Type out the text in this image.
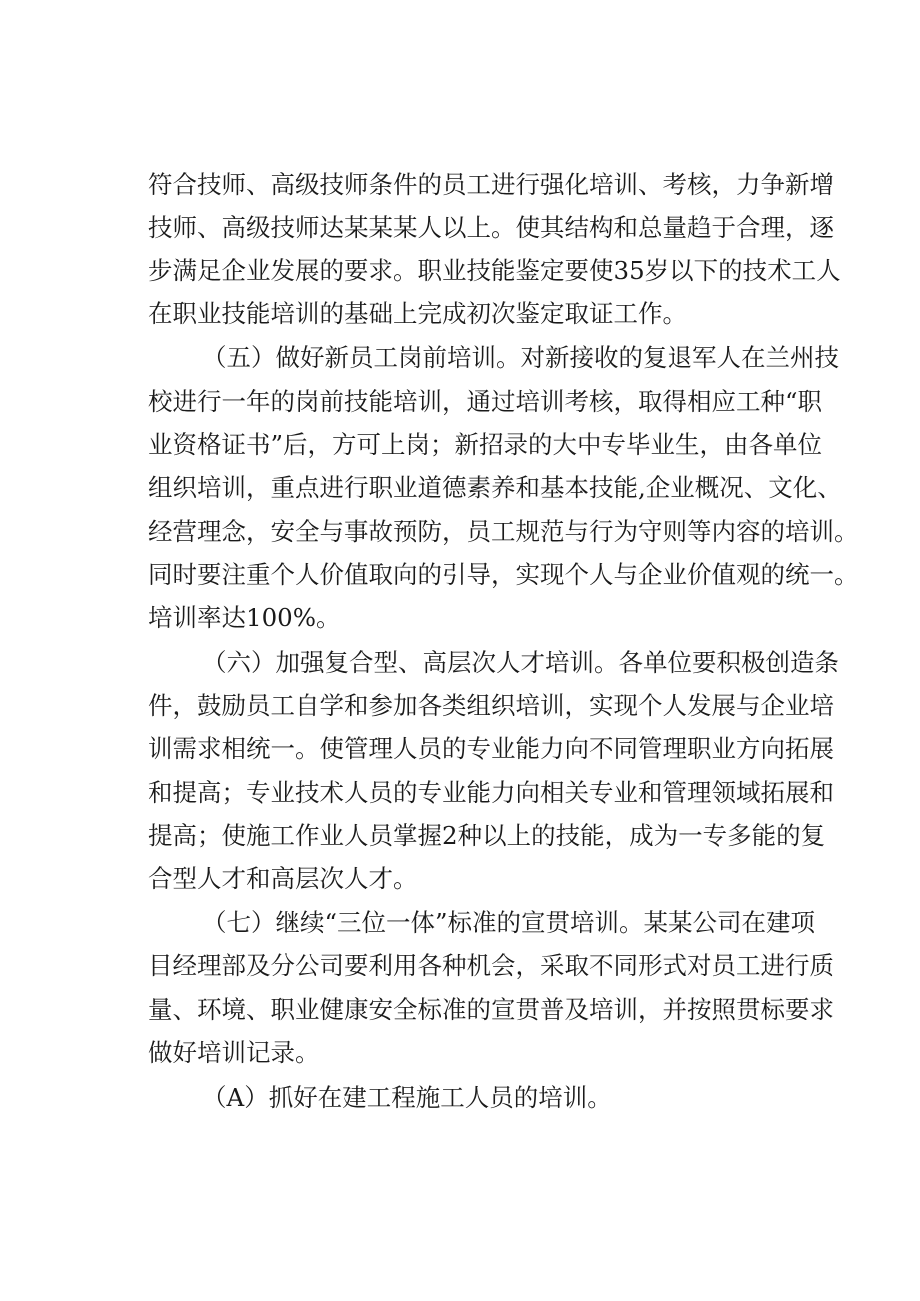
符合技师、高级技师条件的员工进行强化培训、考核，力争新增
技师、高级技师达某某某人以上。使其结构和总量趋于合理，逐
步满足企业发展的要求。职业技能鉴定要使35岁以下的技术工人
在职业技能培训的基础上完成初次鉴定取证工作。
（五）做好新员工岗前培训。对新接收的复退军人在兰州技
校进行一年的岗前技能培训，通过培训考核，取得相应工种“职
业资格证书”后，方可上岗；新招录的大中专毕业生，由各单位
组织培训，重点进行职业道德素养和基本技能,企业概况、文化、
经营理念，安全与事故预防，员工规范与行为守则等内容的培训。
同时要注重个人价值取向的引导，实现个人与企业价值观的统一。
培训率达100%。
（六）加强复合型、高层次人才培训。各单位要积极创造条
件，鼓励员工自学和参加各类组织培训，实现个人发展与企业培
训需求相统一。使管理人员的专业能力向不同管理职业方向拓展
和提高；专业技术人员的专业能力向相关专业和管理领域拓展和
提高；使施工作业人员掌握2种以上的技能，成为一专多能的复
合型人才和高层次人才。
（七）继续“三位一体”标准的宣贯培训。某某公司在建项
目经理部及分公司要利用各种机会，采取不同形式对员工进行质
量、环境、职业健康安全标准的宣贯普及培训，并按照贯标要求
做好培训记录。
（A）抓好在建工程施工人员的培训。
